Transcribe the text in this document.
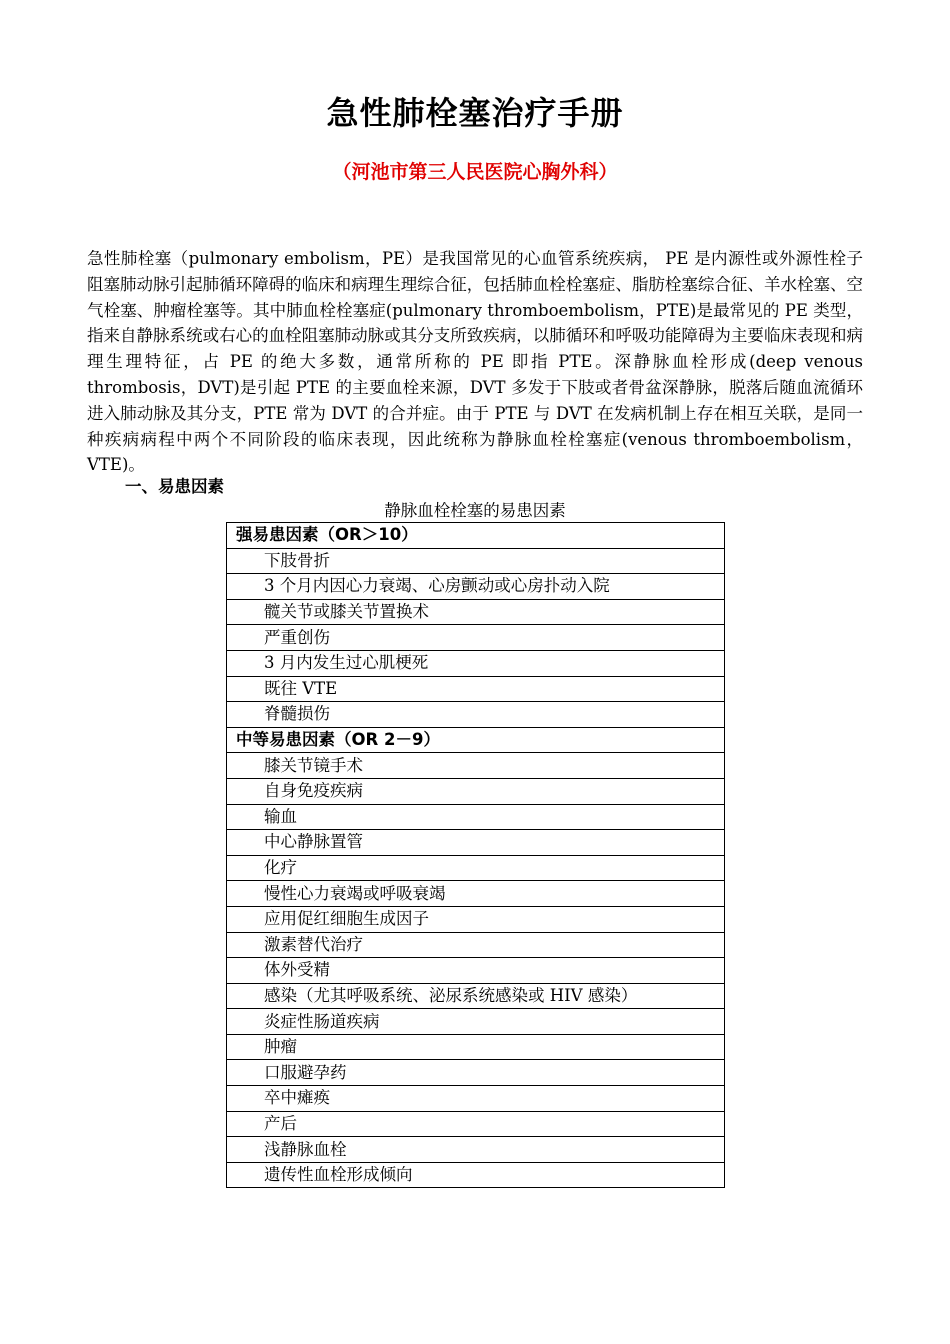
急性肺栓塞治疗手册
（河池市第三人民医院心胸外科）
急性肺栓塞（pulmonary embolism，PE）是我国常见的心血管系统疾病， PE 是内源性或外源性栓子阻塞肺动脉引起肺循环障碍的临床和病理生理综合征，包括肺血栓栓塞症、脂肪栓塞综合征、羊水栓塞、空气栓塞、肿瘤栓塞等。其中肺血栓栓塞症(pulmonary thromboembolism，PTE)是最常见的 PE 类型，指来自静脉系统或右心的血栓阻塞肺动脉或其分支所致疾病，以肺循环和呼吸功能障碍为主要临床表现和病理生理特征，占 PE 的绝大多数，通常所称的 PE 即指 PTE。深静脉血栓形成(deep venous thrombosis，DVT)是引起 PTE 的主要血栓来源，DVT 多发于下肢或者骨盆深静脉，脱落后随血流循环进入肺动脉及其分支，PTE 常为 DVT 的合并症。由于 PTE 与 DVT 在发病机制上存在相互关联，是同一种疾病病程中两个不同阶段的临床表现，因此统称为静脉血栓栓塞症(venous thromboembolism，VTE)。
一、易患因素
静脉血栓栓塞的易患因素
强易患因素（OR＞10）
下肢骨折
3 个月内因心力衰竭、心房颤动或心房扑动入院
髋关节或膝关节置换术
严重创伤
3 月内发生过心肌梗死
既往 VTE
脊髓损伤
中等易患因素（OR 2－9）
膝关节镜手术
自身免疫疾病
输血
中心静脉置管
化疗
慢性心力衰竭或呼吸衰竭
应用促红细胞生成因子
激素替代治疗
体外受精
感染（尤其呼吸系统、泌尿系统感染或 HIV 感染）
炎症性肠道疾病
肿瘤
口服避孕药
卒中瘫痪
产后
浅静脉血栓
遗传性血栓形成倾向
